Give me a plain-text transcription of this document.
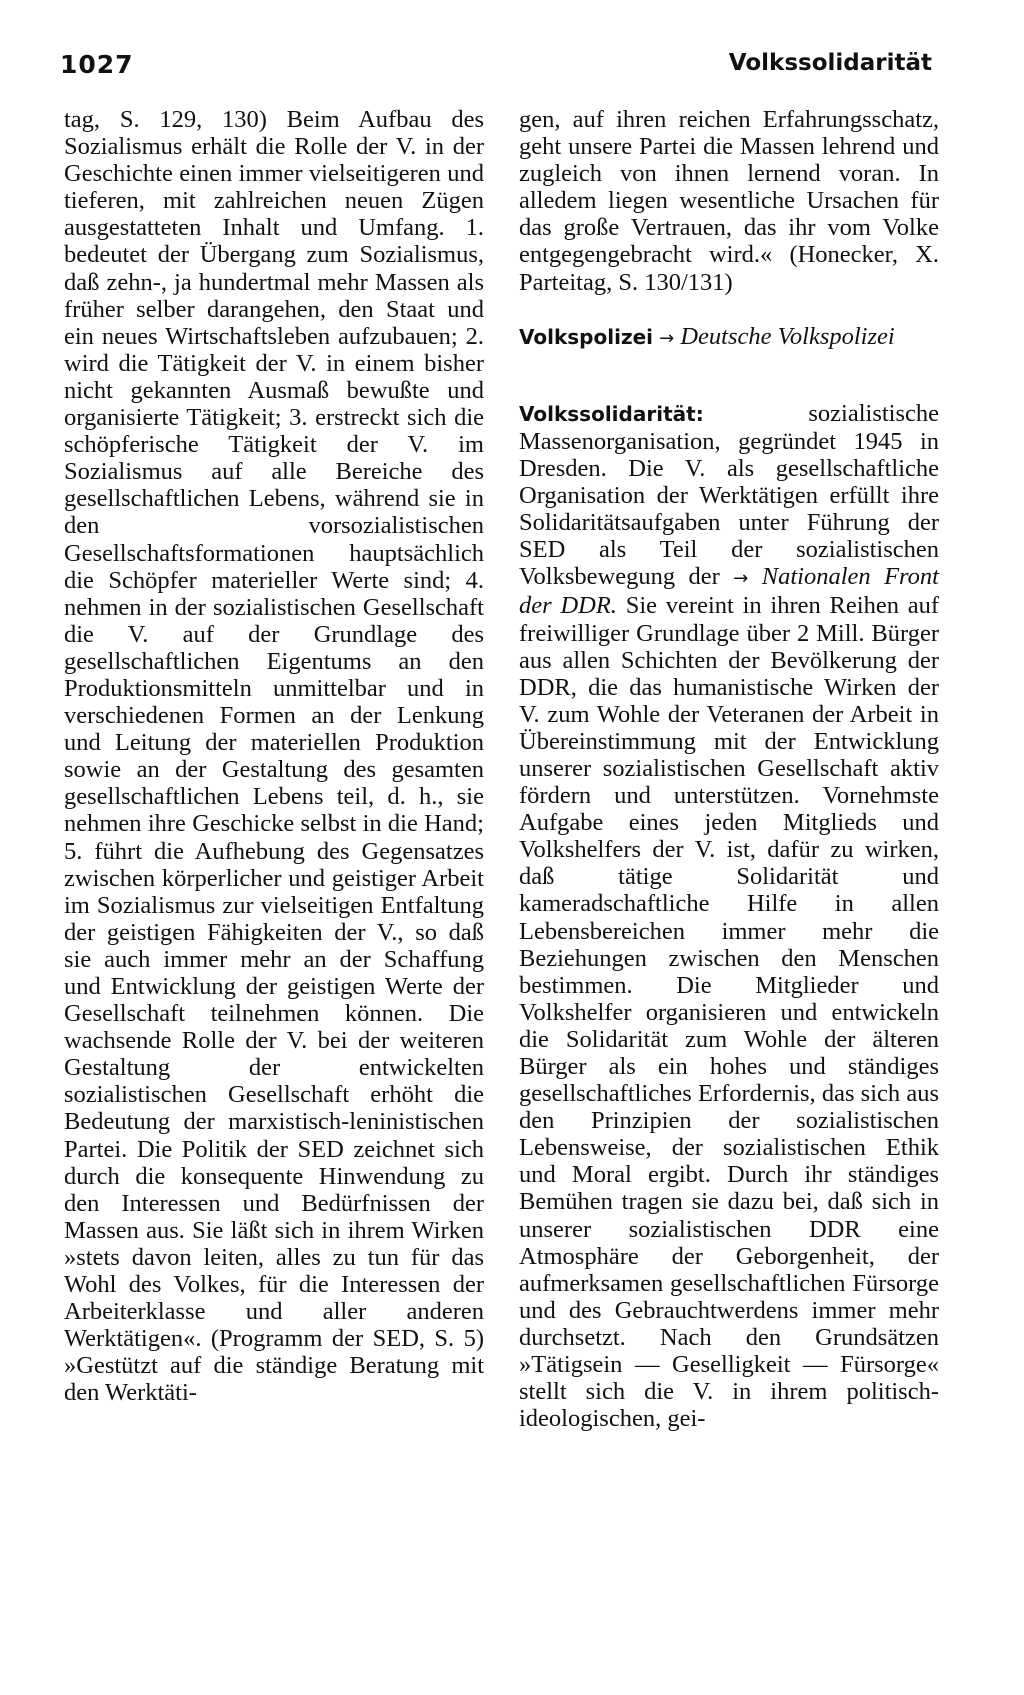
1027	Volkssolidarität

tag, S. 129, 130) Beim Aufbau des Sozialismus erhält die Rolle der V. in der Geschichte einen immer vielseitigeren und tieferen, mit zahlreichen neuen Zügen ausgestatteten Inhalt und Umfang. 1. bedeutet der Übergang zum Sozialismus, daß zehn-, ja hundertmal mehr Massen als früher selber darangehen, den Staat und ein neues Wirtschaftsleben aufzubauen; 2. wird die Tätigkeit der V. in einem bisher nicht gekannten Ausmaß bewußte und organisierte Tätigkeit; 3. erstreckt sich die schöpferische Tätigkeit der V. im Sozialismus auf alle Bereiche des gesellschaftlichen Lebens, während sie in den vorsozialistischen Gesellschaftsformationen hauptsächlich die Schöpfer materieller Werte sind; 4. nehmen in der sozialistischen Gesellschaft die V. auf der Grundlage des gesellschaftlichen Eigentums an den Produktionsmitteln unmittelbar und in verschiedenen Formen an der Lenkung und Leitung der materiellen Produktion sowie an der Gestaltung des gesamten gesellschaftlichen Lebens teil, d. h., sie nehmen ihre Geschicke selbst in die Hand; 5. führt die Aufhebung des Gegensatzes zwischen körperlicher und geistiger Arbeit im Sozialismus zur vielseitigen Entfaltung der geistigen Fähigkeiten der V., so daß sie auch immer mehr an der Schaffung und Entwicklung der geistigen Werte der Gesellschaft teilnehmen können. Die wachsende Rolle der V. bei der weiteren Gestaltung der entwickelten sozialistischen Gesellschaft erhöht die Bedeutung der marxistisch-leninistischen Partei. Die Politik der SED zeichnet sich durch die konsequente Hinwendung zu den Interessen und Bedürfnissen der Massen aus. Sie läßt sich in ihrem Wirken »stets davon leiten, alles zu tun für das Wohl des Volkes, für die Interessen der Arbeiterklasse und aller anderen Werktätigen«. (Programm der SED, S. 5) »Gestützt auf die ständige Beratung mit den Werktäti-

gen, auf ihren reichen Erfahrungsschatz, geht unsere Partei die Massen lehrend und zugleich von ihnen lernend voran. In alledem liegen wesentliche Ursachen für das große Vertrauen, das ihr vom Volke entgegengebracht wird.« (Honecker, X. Parteitag, S. 130/131)

Volkspolizei → Deutsche Volkspolizei

Volkssolidarität: sozialistische Massenorganisation, gegründet 1945 in Dresden. Die V. als gesellschaftliche Organisation der Werktätigen erfüllt ihre Solidaritätsaufgaben unter Führung der SED als Teil der sozialistischen Volksbewegung der → Nationalen Front der DDR. Sie vereint in ihren Reihen auf freiwilliger Grundlage über 2 Mill. Bürger aus allen Schichten der Bevölkerung der DDR, die das humanistische Wirken der V. zum Wohle der Veteranen der Arbeit in Übereinstimmung mit der Entwicklung unserer sozialistischen Gesellschaft aktiv fördern und unterstützen. Vornehmste Aufgabe eines jeden Mitglieds und Volkshelfers der V. ist, dafür zu wirken, daß tätige Solidarität und kameradschaftliche Hilfe in allen Lebensbereichen immer mehr die Beziehungen zwischen den Menschen bestimmen. Die Mitglieder und Volkshelfer organisieren und entwickeln die Solidarität zum Wohle der älteren Bürger als ein hohes und ständiges gesellschaftliches Erfordernis, das sich aus den Prinzipien der sozialistischen Lebensweise, der sozialistischen Ethik und Moral ergibt. Durch ihr ständiges Bemühen tragen sie dazu bei, daß sich in unserer sozialistischen DDR eine Atmosphäre der Geborgenheit, der aufmerksamen gesellschaftlichen Fürsorge und des Gebrauchtwerdens immer mehr durchsetzt. Nach den Grundsätzen »Tätigsein — Geselligkeit — Fürsorge« stellt sich die V. in ihrem politisch-ideologischen, gei-
